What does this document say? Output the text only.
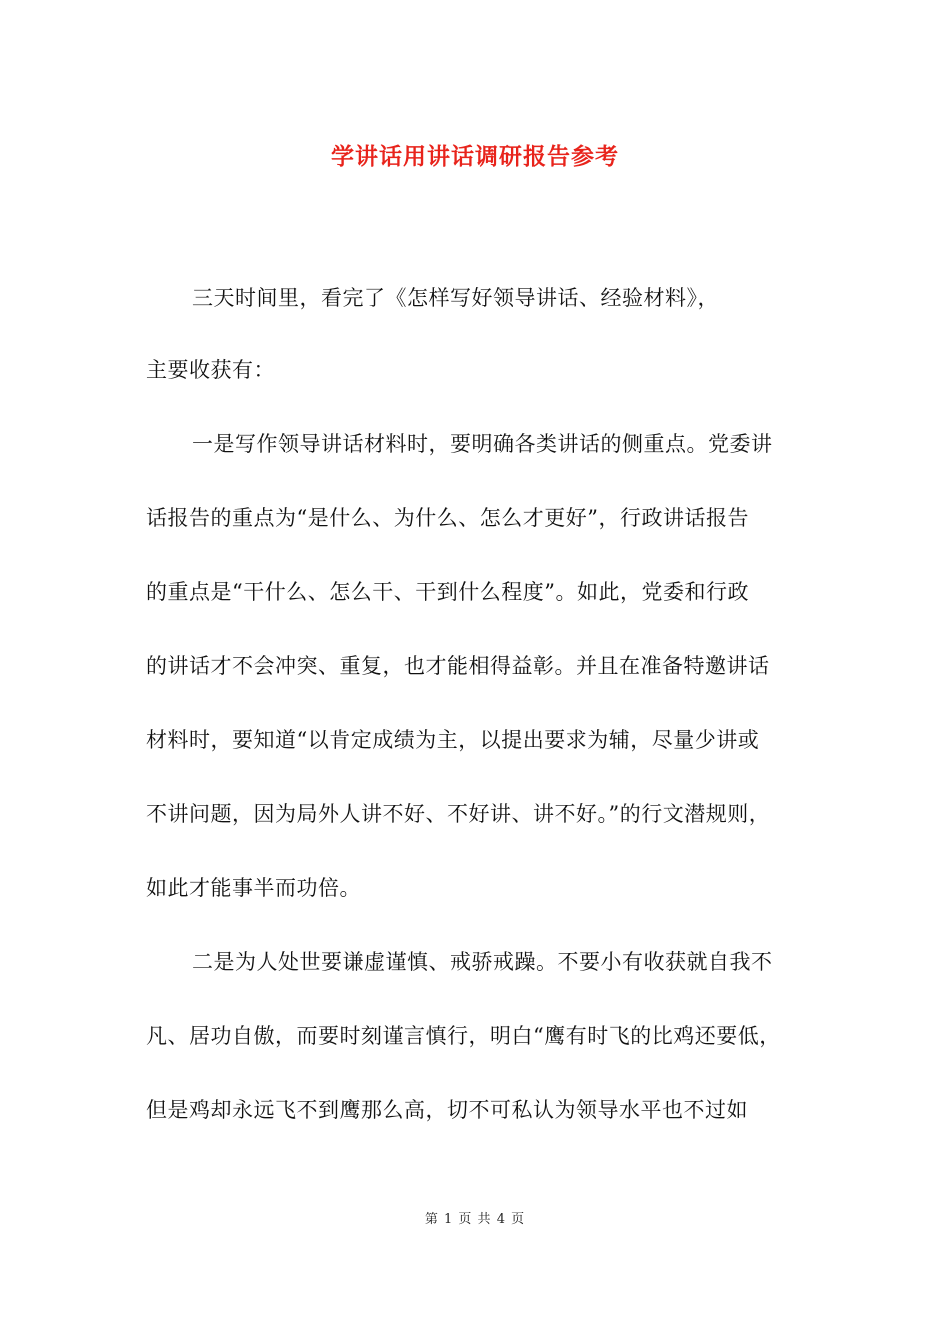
学讲话用讲话调研报告参考
三天时间里，看完了《怎样写好领导讲话、经验材料》，
主要收获有：
一是写作领导讲话材料时，要明确各类讲话的侧重点。党委讲
话报告的重点为“是什么、为什么、怎么才更好”，行政讲话报告
的重点是“干什么、怎么干、干到什么程度”。如此，党委和行政
的讲话才不会冲突、重复，也才能相得益彰。并且在准备特邀讲话
材料时，要知道“以肯定成绩为主，以提出要求为辅，尽量少讲或
不讲问题，因为局外人讲不好、不好讲、讲不好。”的行文潜规则，
如此才能事半而功倍。
二是为人处世要谦虚谨慎、戒骄戒躁。不要小有收获就自我不
凡、居功自傲，而要时刻谨言慎行，明白“鹰有时飞的比鸡还要低，
但是鸡却永远飞不到鹰那么高，切不可私认为领导水平也不过如
第 1 页 共 4 页
